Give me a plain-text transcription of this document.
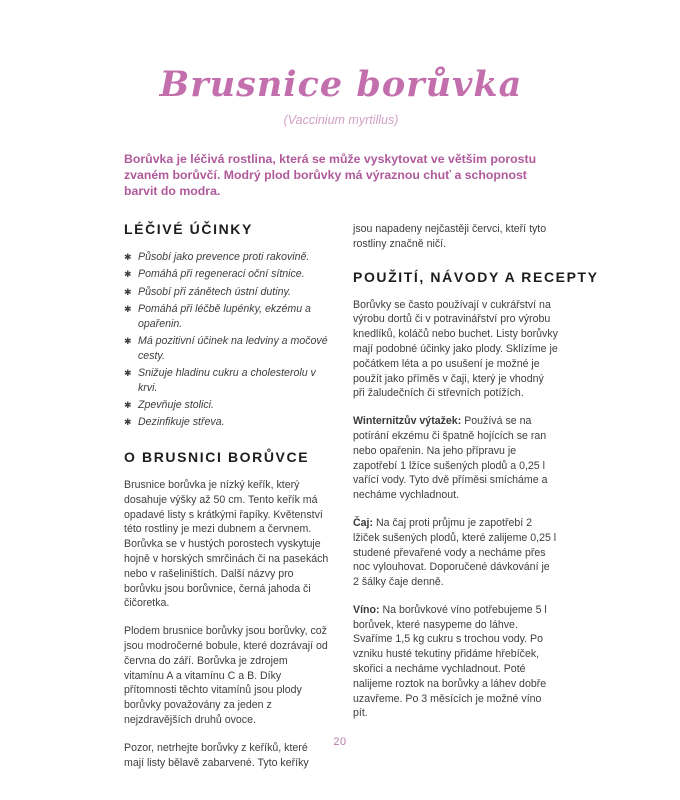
Brusnice borůvka
(Vaccinium myrtillus)

Borůvka je léčivá rostlina, která se může vyskytovat ve většim porostu zvaném borůvčí. Modrý plod borůvky má výraznou chuť a schopnost barvit do modra.

LÉČIVÉ ÚČINKY
✱ Působí jako prevence proti rakovině.
✱ Pomáhá při regeneraci oční sítnice.
✱ Působí při zánětech ústní dutiny.
✱ Pomáhá při léčbě lupénky, ekzému a opařenin.
✱ Má pozitivní účinek na ledviny a močové cesty.
✱ Snižuje hladinu cukru a cholesterolu v krvi.
✱ Zpevňuje stolici.
✱ Dezinfikuje střeva.
O BRUSNICI BORŮVCE

Brusnice borůvka je nízký keřík, který dosahuje výšky až 50 cm. Tento keřík má opadavé listy s krátkými řapíky. Květenství této rostliny je mezi dubnem a červnem. Borůvka se v hustých porostech vyskytuje hojně v horských smrčinách či na pasekách nebo v rašeliništích. Další názvy pro borůvku jsou borůvnice, černá jahoda či čičoretka.

Plodem brusnice borůvky jsou borůvky, což jsou modročerné bobule, které dozrávají od června do září. Borůvka je zdrojem vitamínu A a vitamínu C a B. Díky přítomnosti těchto vitamínů jsou plody borůvky považovány za jeden z nejzdravějších druhů ovoce.

Pozor, netrhejte borůvky z keříků, které mají listy bělavě zabarvené. Tyto keříky

jsou napadeny nejčastěji červci, kteří tyto rostliny značně ničí.

POUŽITÍ, NÁVODY A RECEPTY

Borůvky se často používají v cukrářství na výrobu dortů či v potravinářství pro výrobu knedlíků, koláčů nebo buchet. Listy borůvky mají podobné účinky jako plody. Sklízíme je počátkem léta a po usušení je možné je použít jako příměs v čaji, který je vhodný při žaludečních či střevních potížích.

Winternitzův výtažek: Používá se na potírání ekzému či špatně hojících se ran nebo opařenin. Na jeho přípravu je zapotřebí 1 lžíce sušených plodů a 0,25 l vařící vody. Tyto dvě příměsi smícháme a necháme vychladnout.

Čaj: Na čaj proti průjmu je zapotřebí 2 lžiček sušených plodů, které zalijeme 0,25 l studené převařené vody a necháme přes noc vylouhovat. Doporučené dávkování je 2 šálky čaje denně.

Víno: Na borůvkové víno potřebujeme 5 l borůvek, které nasypeme do láhve. Svaříme 1,5 kg cukru s trochou vody. Po vzniku husté tekutiny přidáme hřebíček, skořici a necháme vychladnout. Poté nalijeme roztok na borůvky a láhev dobře uzavřeme. Po 3 měsících je možné víno pít.

20
